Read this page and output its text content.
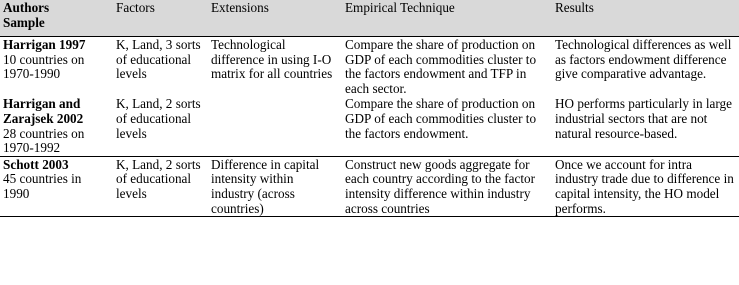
Authors
Sample	Factors	Extensions	Empirical Technique	Results

Harrigan 1997
10 countries on 1970-1990	K, Land, 3 sorts of educational levels	Technological difference in using I-O matrix for all countries	Compare the share of production on GDP of each commodities cluster to the factors endowment and TFP in each sector.	Technological differences as well as factors endowment difference give comparative advantage.

Harrigan and Zarajsek 2002
28 countries on 1970-1992	K, Land, 2 sorts of educational levels		Compare the share of production on GDP of each commodities cluster to the factors endowment.	HO performs particularly in large industrial sectors that are not natural resource-based.

Schott 2003
45 countries in 1990	K, Land, 2 sorts of educational levels	Difference in capital intensity within industry (across countries)	Construct new goods aggregate for each country according to the factor intensity difference within industry across countries	Once we account for intra industry trade due to difference in capital intensity, the HO model performs.
